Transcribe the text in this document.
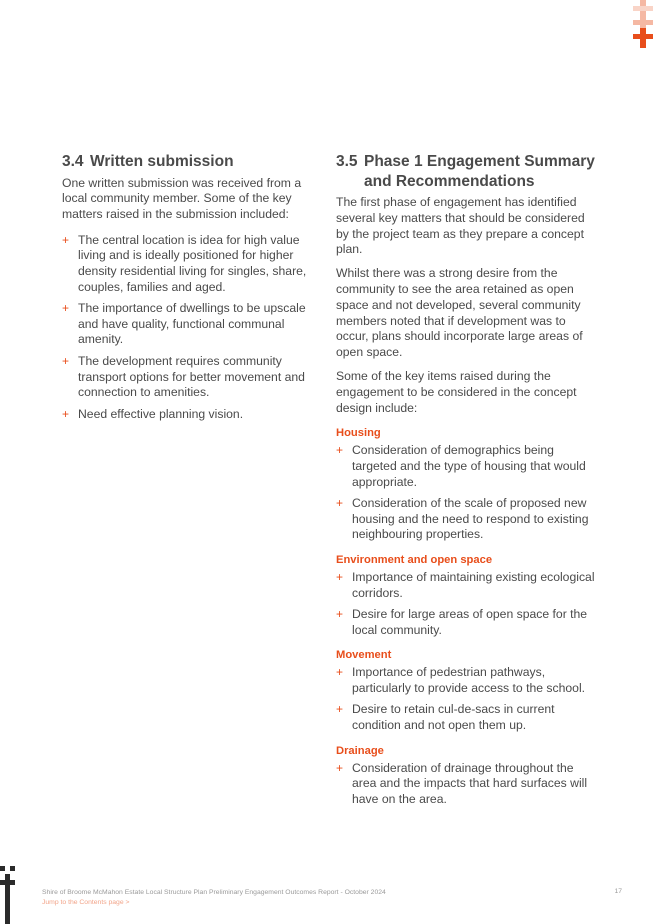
3.4 Written submission

One written submission was received from a local community member. Some of the key matters raised in the submission included:

+ The central location is idea for high value living and is ideally positioned for higher density residential living for singles, share, couples, families and aged.
+ The importance of dwellings to be upscale and have quality, functional communal amenity.
+ The development requires community transport options for better movement and connection to amenities.
+ Need effective planning vision.
3.5 Phase 1 Engagement Summary and Recommendations

The first phase of engagement has identified several key matters that should be considered by the project team as they prepare a concept plan.

Whilst there was a strong desire from the community to see the area retained as open space and not developed, several community members noted that if development was to occur, plans should incorporate large areas of open space.

Some of the key items raised during the engagement to be considered in the concept design include:

Housing
+ Consideration of demographics being targeted and the type of housing that would appropriate.
+ Consideration of the scale of proposed new housing and the need to respond to existing neighbouring properties.
Environment and open space
+ Importance of maintaining existing ecological corridors.
+ Desire for large areas of open space for the local community.
Movement
+ Importance of pedestrian pathways, particularly to provide access to the school.
+ Desire to retain cul-de-sacs in current condition and not open them up.
Drainage
+ Consideration of drainage throughout the area and the impacts that hard surfaces will have on the area.
Shire of Broome McMahon Estate Local Structure Plan Preliminary Engagement Outcomes Report - October 2024
Jump to the Contents page >
17
